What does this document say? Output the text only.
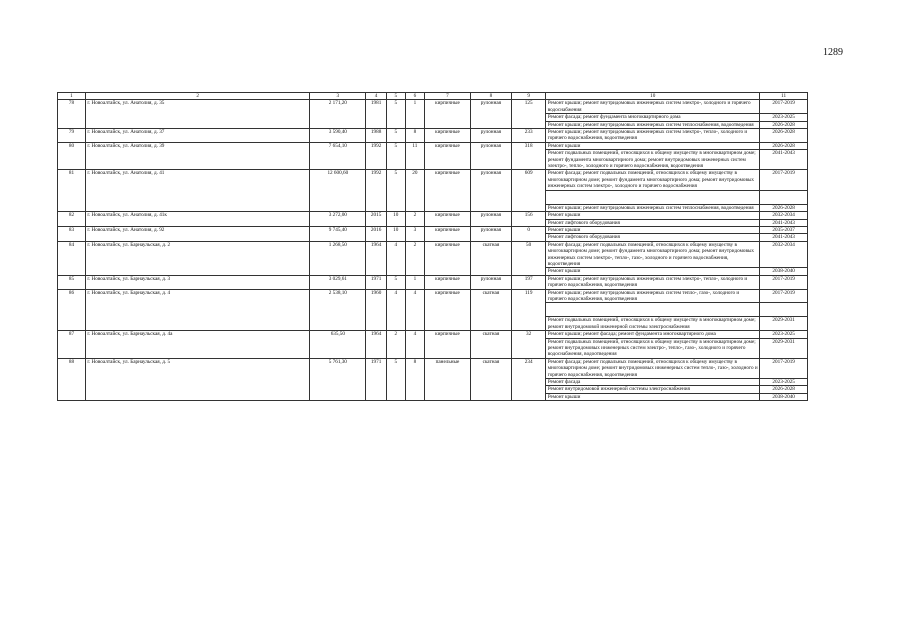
1289
1	2	3	4	5	6	7	8	9	10	11
78	г. Новоалтайск, ул. Анатолия, д. 35	2 171,20	1981	5	1	кирпичные	рулонная	125	Ремонт крыши; ремонт внутридомовых инженерных систем электро-, холодного и горячего водоснабжения	2017-2019
									Ремонт фасада; ремонт фундамента многоквартирного дома	2023-2025
									Ремонт крыши; ремонт внутридомовых инженерных систем теплоснабжения, водоотведения	2026-2028
79	г. Новоалтайск, ул. Анатолия, д. 37	3 590,40	1988	5	8	кирпичные	рулонная	233	Ремонт крыши; ремонт внутридомовых инженерных систем электро-, тепло-, холодного и горячего водоснабжения, водоотведения	2026-2028
80	г. Новоалтайск, ул. Анатолия, д. 39	7 654,10	1992	5	11	кирпичные	рулонная	318	Ремонт крыши	2026-2028
									Ремонт подвальных помещений, относящихся к общему имуществу в многоквартирном доме; ремонт фундамента многоквартирного дома; ремонт внутридомовых инженерных систем электро-, тепло-, холодного и горячего водоснабжения, водоотведения	2041-2043
81	г. Новоалтайск, ул. Анатолия, д. 41	12 600,60	1992	5	20	кирпичные	рулонная	609	Ремонт фасада; ремонт подвальных помещений, относящихся к общему имуществу в многоквартирном доме; ремонт фундамента многоквартирного дома; ремонт внутридомовых инженерных систем электро-, холодного и горячего водоснабжения	2017-2019

									Ремонт крыши; ремонт внутридомовых инженерных систем теплоснабжения, водоотведения	2026-2028
82	г. Новоалтайск, ул. Анатолия, д. 41к	3 272,00	2015	10	2	кирпичные	рулонная	156	Ремонт крыши	2032-2034
									Ремонт лифтового оборудования	2041-2043
83	г. Новоалтайск, ул. Анатолия, д. 92	9 745,40	2016	10	3	кирпичные	рулонная	0	Ремонт крыши	2035-2037
									Ремонт лифтового оборудования	2041-2043
84	г. Новоалтайск, ул. Барнаульская, д. 2	1 268,50	1964	4	2	кирпичные	скатная	50	Ремонт фасада; ремонт подвальных помещений, относящихся к общему имуществу в многоквартирном доме; ремонт фундамента многоквартирного дома; ремонт внутридомовых инженерных систем электро-, тепло-, газо-, холодного и горячего водоснабжения, водоотведения	2032-2034
									Ремонт крыши	2038-2040
85	г. Новоалтайск, ул. Барнаульская, д. 3	3 029,61	1971	5	1	кирпичные	рулонная	197	Ремонт крыши; ремонт внутридомовых инженерных систем электро-, тепло-, холодного и горячего водоснабжения, водоотведения	2017-2019
86	г. Новоалтайск, ул. Барнаульская, д. 4	2 538,10	1960	4	4	кирпичные	скатная	119	Ремонт крыши; ремонт внутридомовых инженерных систем тепло-, газо-, холодного и горячего водоснабжения, водоотведения	2017-2019

									Ремонт подвальных помещений, относящихся к общему имуществу в многоквартирном доме; ремонт внутридомовой инженерной системы электроснабжения	2029-2031
87	г. Новоалтайск, ул. Барнаульская, д. 4а	635,50	1964	2	4	кирпичные	скатная	32	Ремонт крыши; ремонт фасада; ремонт фундамента многоквартирного дома	2023-2025
									Ремонт подвальных помещений, относящихся к общему имуществу в многоквартирном доме; ремонт внутридомовых инженерных систем электро-, тепло-, газо-, холодного и горячего водоснабжения, водоотведения	2029-2031
88	г. Новоалтайск, ул. Барнаульская, д. 5	5 761,30	1971	5	8	панельные	скатная	234	Ремонт фасада; ремонт подвальных помещений, относящихся к общему имуществу в многоквартирном доме; ремонт внутридомовых инженерных систем тепло-, газо-, холодного и горячего водоснабжения, водоотведения	2017-2019
									Ремонт фасада	2023-2025
									Ремонт внутридомовой инженерной системы электроснабжения	2026-2028
									Ремонт крыши	2038-2040
